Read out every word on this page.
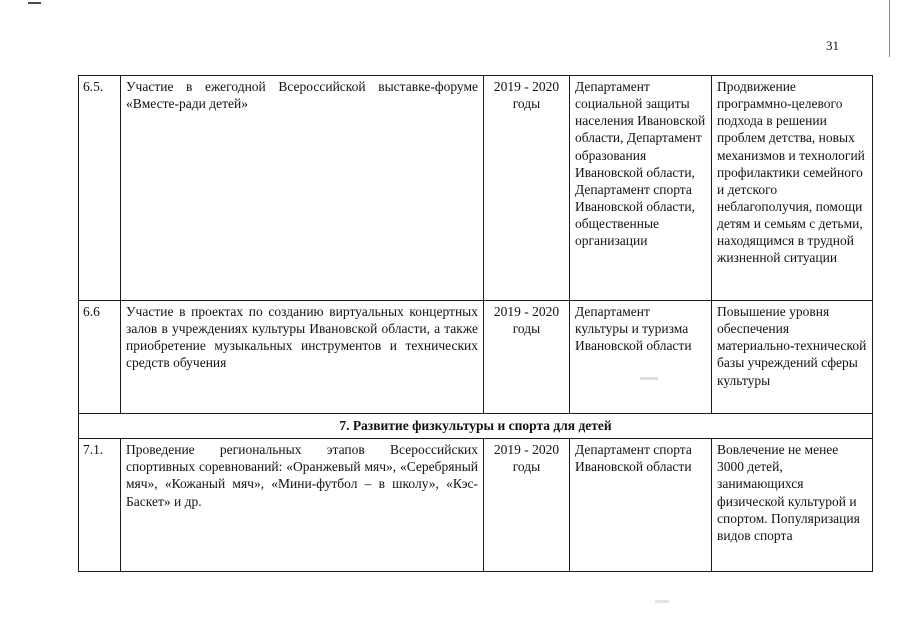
31
6.5.	Участие в ежегодной Всероссийской выставке-форуме «Вместе-ради детей»	2019 - 2020 годы	Департамент социальной защиты населения Ивановской области, Департамент образования Ивановской области, Департамент спорта Ивановской области, общественные организации	Продвижение программно-целевого подхода в решении проблем детства, новых механизмов и технологий профилактики семейного и детского неблагополучия, помощи детям и семьям с детьми, находящимся в трудной жизненной ситуации
6.6	Участие в проектах по созданию виртуальных концертных залов в учреждениях культуры Ивановской области, а также приобретение музыкальных инструментов и технических средств обучения	2019 - 2020 годы	Департамент культуры и туризма Ивановской области	Повышение уровня обеспечения материально-технической базы учреждений сферы культуры
7. Развитие физкультуры и спорта для детей				
7.1.	Проведение региональных этапов Всероссийских спортивных соревнований: «Оранжевый мяч», «Серебряный мяч», «Кожаный мяч», «Мини-футбол – в школу», «Кэс-Баскет» и др.	2019 - 2020 годы	Департамент спорта Ивановской области	Вовлечение не менее 3000 детей, занимающихся физической культурой и спортом. Популяризация видов спорта
